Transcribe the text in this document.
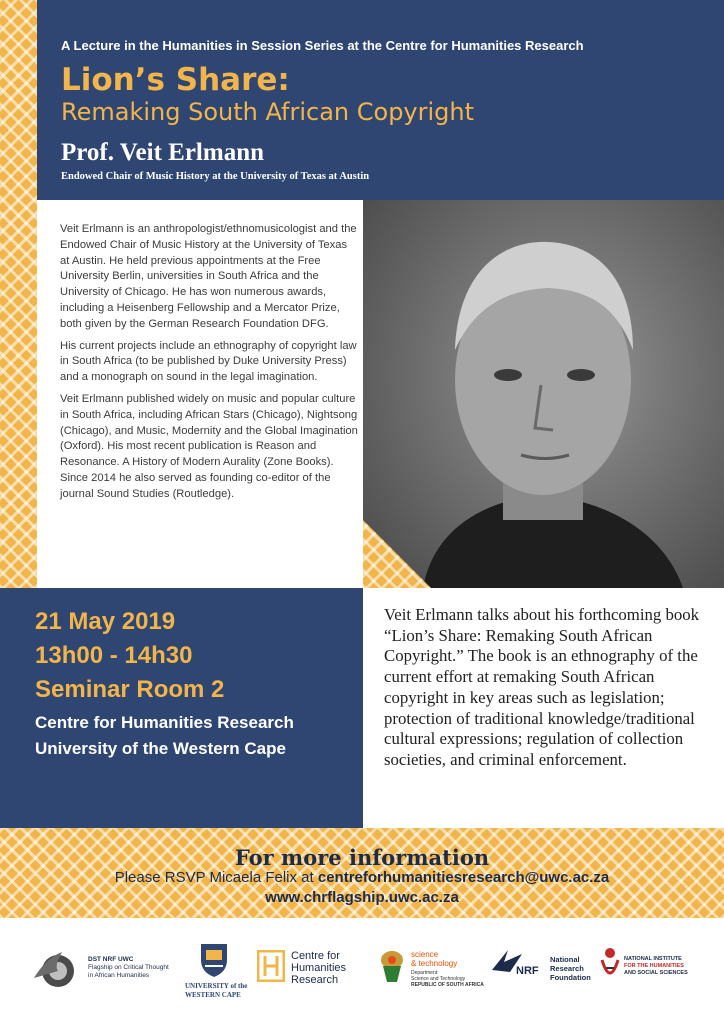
A Lecture in the Humanities in Session Series at the Centre for Humanities Research
Lion’s Share:
Remaking South African Copyright
Prof. Veit Erlmann
Endowed Chair of Music History at the University of Texas at Austin

Veit Erlmann is an anthropologist/ethnomusicologist and the Endowed Chair of Music History at the University of Texas at Austin. He held previous appointments at the Free University Berlin, universities in South Africa and the University of Chicago. He has won numerous awards, including a Heisenberg Fellowship and a Mercator Prize, both given by the German Research Foundation DFG.

His current projects include an ethnography of copyright law in South Africa (to be published by Duke University Press) and a monograph on sound in the legal imagination.

Veit Erlmann published widely on music and popular culture in South Africa, including African Stars (Chicago), Nightsong (Chicago), and Music, Modernity and the Global Imagination (Oxford). His most recent publication is Reason and Resonance. A History of Modern Aurality (Zone Books). Since 2014 he also served as founding co-editor of the journal Sound Studies (Routledge).

21 May 2019
13h00 - 14h30
Seminar Room 2
Centre for Humanities Research
University of the Western Cape
Veit Erlmann talks about his forthcoming book “Lion’s Share: Remaking South African Copyright.” The book is an ethnography of the current effort at remaking South African copyright in key areas such as legislation; protection of traditional knowledge/traditional cultural expressions; regulation of collection societies, and criminal enforcement.
For more information
Please RSVP Micaela Felix at centreforhumanitiesresearch@uwc.ac.za
www.chrflagship.uwc.ac.za
DST NRF UWC
Flagship on Critical Thought
in African Humanities
UNIVERSITY of the
WESTERN CAPE
Centre for
Humanities
Research
science
& technology
Department:
Science and Technology
REPUBLIC OF SOUTH AFRICA
NRF
National
Research
Foundation
NATIONAL INSTITUTE
FOR THE HUMANITIES
AND SOCIAL SCIENCES
